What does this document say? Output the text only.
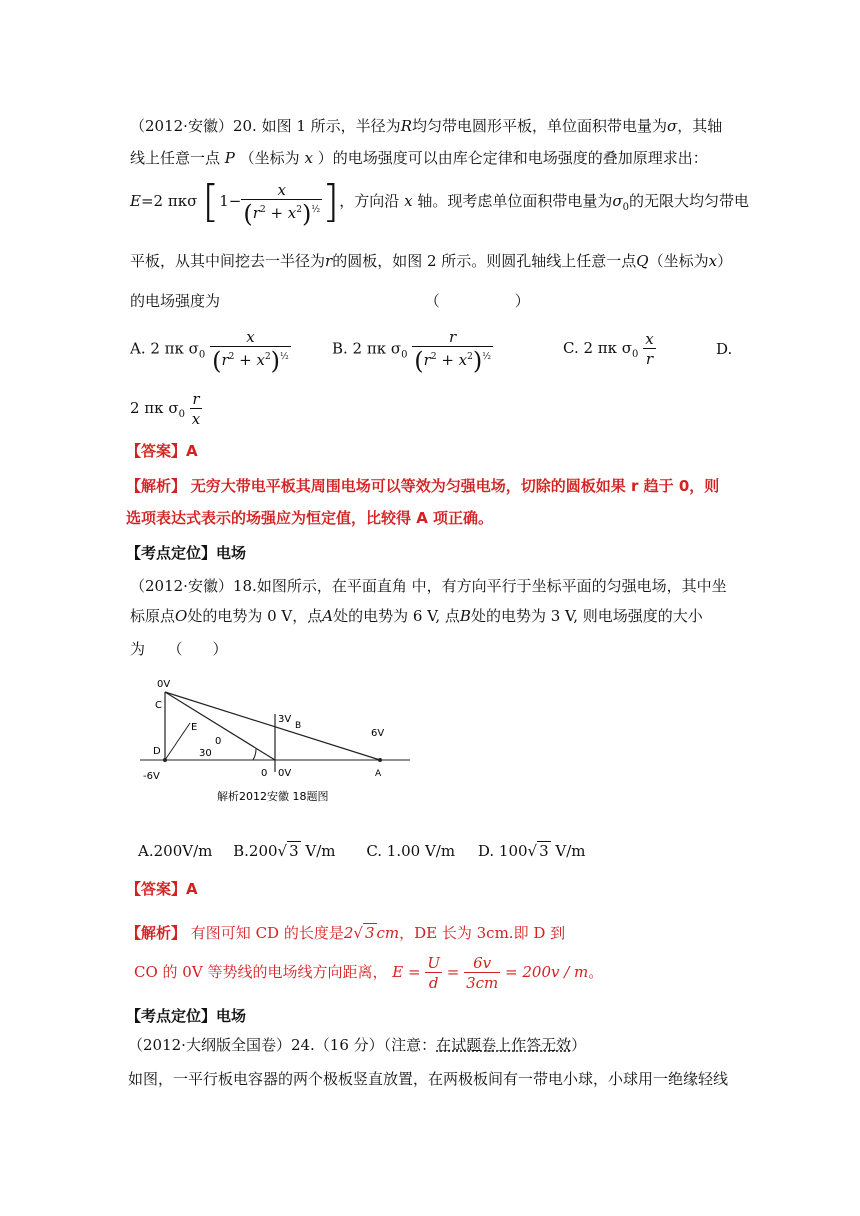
（2012·安徽）20. 如图 1 所示，半径为R均匀带电圆形平板，单位面积带电量为σ，其轴
线上任意一点 P （坐标为 x ）的电场强度可以由库仑定律和电场强度的叠加原理求出：
E=2 πκσ [$1- \frac{x}{(r^2 + x^2)^{\frac{1}{2}}}$ ]，方向沿 x 轴。现考虑单位面积带电量为$\sigma_0$的无限大均匀带电
平板，从其中间挖去一半径为r的圆板，如图 2 所示。则圆孔轴线上任意一点Q（坐标为x）
的电场强度为	（　　　　　）
A. 2 πκ $\sigma_0 \frac{x}{(r^2 + x^2)^{\frac{1}{2}}}$	B. 2 πκ $\sigma_0 \frac{r}{(r^2 + x^2)^{\frac{1}{2}}}$	C. 2 πκ $\sigma_0 \frac{x}{r}$	D.
2 πκ $\sigma_0 \frac{r}{x}$
【答案】A
【解析】 无穷大带电平板其周围电场可以等效为匀强电场，切除的圆板如果 r 趋于 0，则
选项表达式表示的场强应为恒定值，比较得 A 项正确。
【考点定位】电场
（2012·安徽）18.如图所示，在平面直角 中，有方向平行于坐标平面的匀强电场，其中坐
标原点O处的电势为 0 V，点A处的电势为 6 V, 点B处的电势为 3 V, 则电场强度的大小
为　　（　　）
0V
C
E
3V
B
6V
0
30
D
-6V	0 0V	A
解析2012安徽 18题图
A.200V/m B.200√ 3 V/m C. 1.00 V/m D. 100√ 3 V/m
【答案】A
【解析】 有图可知 CD 的长度是2√ 3 cm，DE 长为 3cm.即 D 到
CO 的 0V 等势线的电场线方向距离， $E = \frac{U}{d} = \frac{6v}{3cm} = 200v / m$。
【考点定位】电场
（2012·大纲版全国卷）24.（16 分）（注意：在试题卷上作答无效）
如图，一平行板电容器的两个极板竖直放置，在两极板间有一带电小球，小球用一绝缘轻线
